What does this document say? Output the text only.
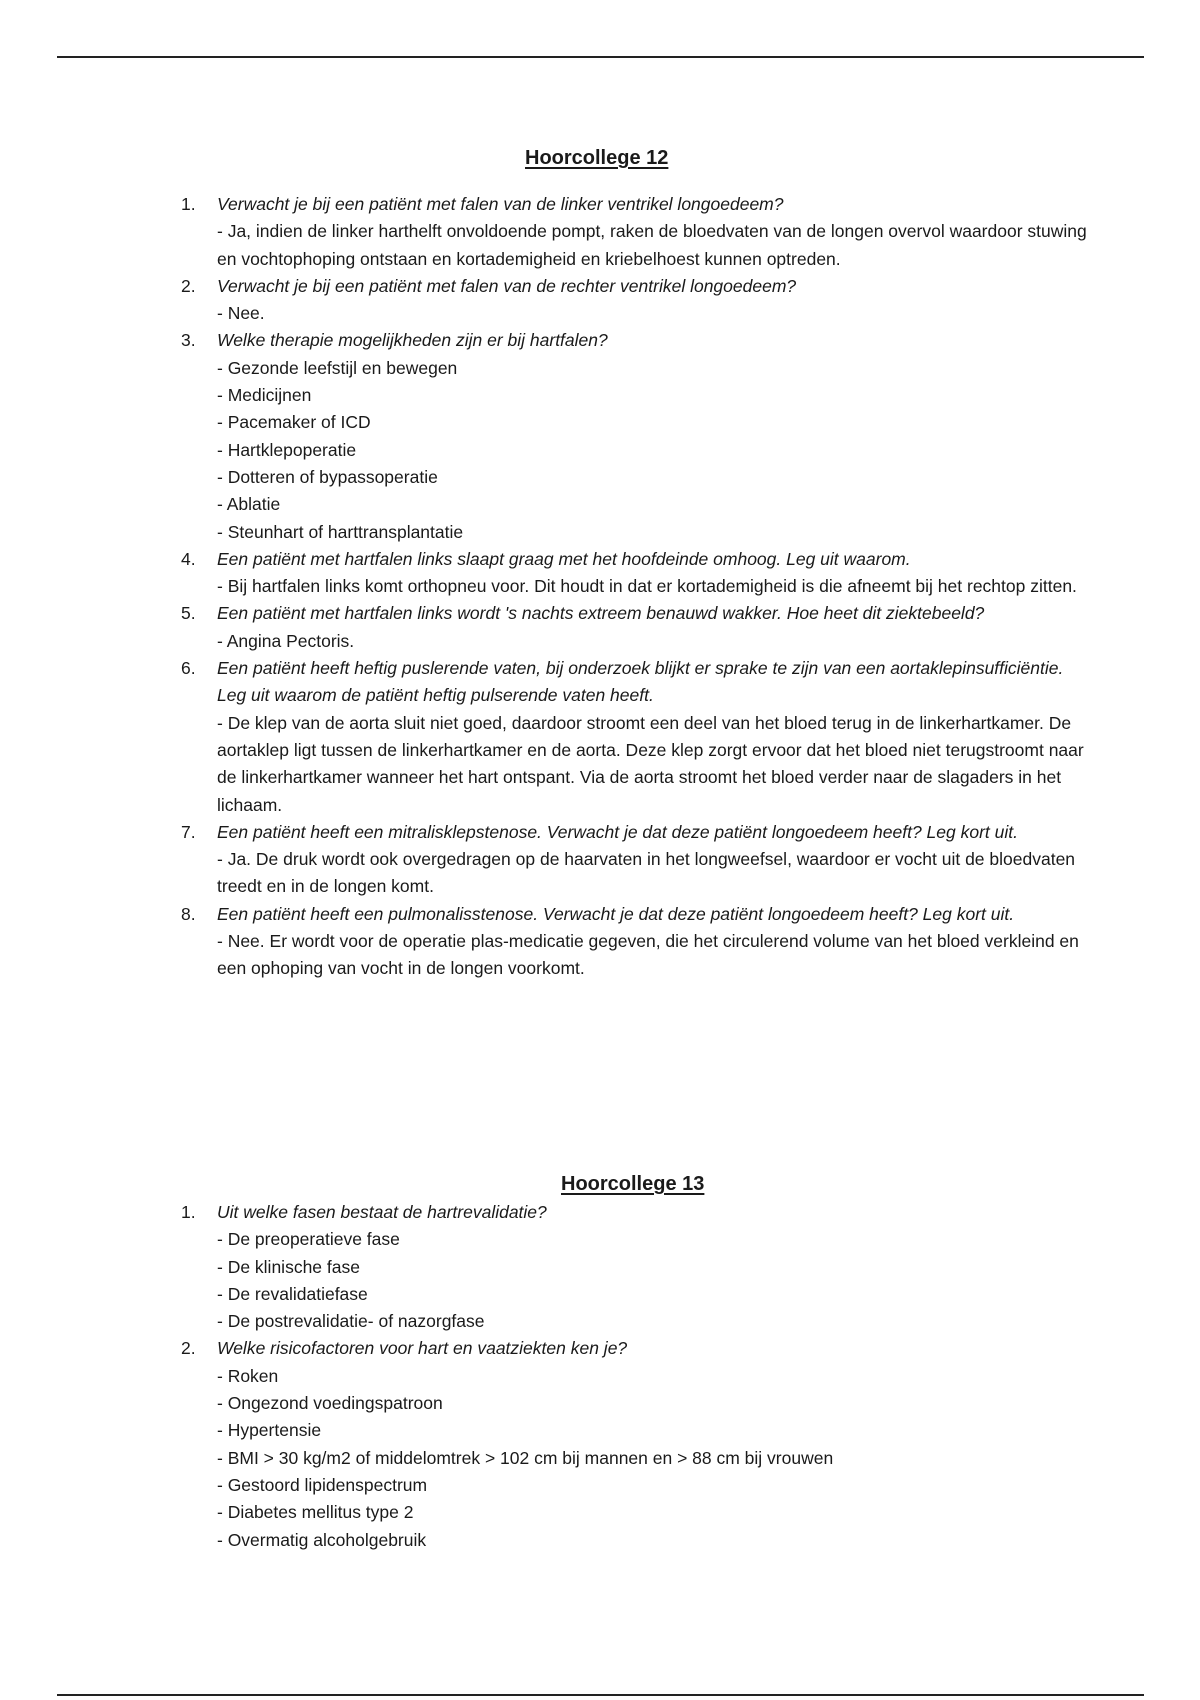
Hoorcollege 12
1. Verwacht je bij een patiënt met falen van de linker ventrikel longoedeem?
- Ja, indien de linker harthelft onvoldoende pompt, raken de bloedvaten van de longen overvol waardoor stuwing en vochtophoping ontstaan en kortademigheid en kriebelhoest kunnen optreden.
2. Verwacht je bij een patiënt met falen van de rechter ventrikel longoedeem?
- Nee.
3. Welke therapie mogelijkheden zijn er bij hartfalen?
- Gezonde leefstijl en bewegen
- Medicijnen
- Pacemaker of ICD
- Hartklepoperatie
- Dotteren of bypassoperatie
- Ablatie
- Steunhart of harttransplantatie
4. Een patiënt met hartfalen links slaapt graag met het hoofdeinde omhoog. Leg uit waarom.
- Bij hartfalen links komt orthopneu voor. Dit houdt in dat er kortademigheid is die afneemt bij het rechtop zitten.
5. Een patiënt met hartfalen links wordt 's nachts extreem benauwd wakker. Hoe heet dit ziektebeeld?
- Angina Pectoris.
6. Een patiënt heeft heftig puslerende vaten, bij onderzoek blijkt er sprake te zijn van een aortaklepinsufficiëntie. Leg uit waarom de patiënt heftig pulserende vaten heeft.
- De klep van de aorta sluit niet goed, daardoor stroomt een deel van het bloed terug in de linkerhartkamer. De aortaklep ligt tussen de linkerhartkamer en de aorta. Deze klep zorgt ervoor dat het bloed niet terugstroomt naar de linkerhartkamer wanneer het hart ontspant. Via de aorta stroomt het bloed verder naar de slagaders in het lichaam.
7. Een patiënt heeft een mitralisklepstenose. Verwacht je dat deze patiënt longoedeem heeft? Leg kort uit.
- Ja. De druk wordt ook overgedragen op de haarvaten in het longweefsel, waardoor er vocht uit de bloedvaten treedt en in de longen komt.
8. Een patiënt heeft een pulmonalisstenose. Verwacht je dat deze patiënt longoedeem heeft? Leg kort uit.
- Nee. Er wordt voor de operatie plas-medicatie gegeven, die het circulerend volume van het bloed verkleind en een ophoping van vocht in de longen voorkomt.
Hoorcollege 13
1. Uit welke fasen bestaat de hartrevalidatie?
- De preoperatieve fase
- De klinische fase
- De revalidatiefase
- De postrevalidatie- of nazorgfase
2. Welke risicofactoren voor hart en vaatziekten ken je?
- Roken
- Ongezond voedingspatroon
- Hypertensie
- BMI > 30 kg/m2 of middelomtrek > 102 cm bij mannen en > 88 cm bij vrouwen
- Gestoord lipidenspectrum
- Diabetes mellitus type 2
- Overmatig alcoholgebruik
